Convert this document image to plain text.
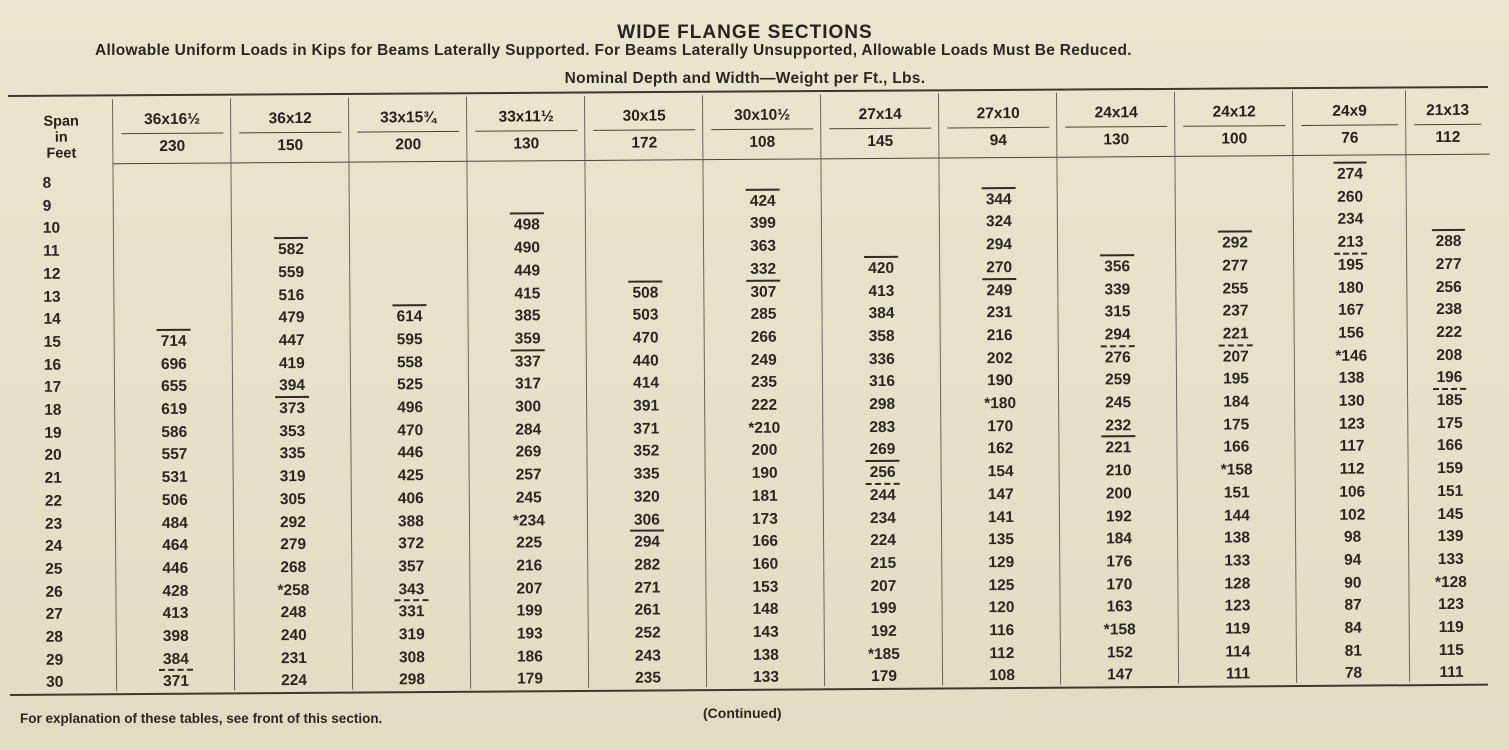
WIDE FLANGE SECTIONS
Allowable Uniform Loads in Kips for Beams Laterally Supported. For Beams Laterally Unsupported, Allowable Loads Must Be Reduced.
Nominal Depth and Width—Weight per Ft., Lbs.
Span
in
Feet
8
9
10
11
12
13
14
15
16
17
18
19
20
21
22
23
24
25
26
27
28
29
30
36x16½
230
714
696
655
619
586
557
531
506
484
464
446
428
413
398
384
371
36x12
150
582
559
516
479
447
419
394
373
353
335
319
305
292
279
268
*258
248
240
231
224
33x15¾
200
614
595
558
525
496
470
446
425
406
388
372
357
343
331
319
308
298
33x11½
130
498
490
449
415
385
359
337
317
300
284
269
257
245
*234
225
216
207
199
193
186
179
30x15
172
508
503
470
440
414
391
371
352
335
320
306
294
282
271
261
252
243
235
30x10½
108
424
399
363
332
307
285
266
249
235
222
*210
200
190
181
173
166
160
153
148
143
138
133
27x14
145
420
413
384
358
336
316
298
283
269
256
244
234
224
215
207
199
192
*185
179
27x10
94
344
324
294
270
249
231
216
202
190
*180
170
162
154
147
141
135
129
125
120
116
112
108
24x14
130
356
339
315
294
276
259
245
232
221
210
200
192
184
176
170
163
*158
152
147
24x12
100
292
277
255
237
221
207
195
184
175
166
*158
151
144
138
133
128
123
119
114
111
24x9
76
274
260
234
213
195
180
167
156
*146
138
130
123
117
112
106
102
98
94
90
87
84
81
78
21x13
112
288
277
256
238
222
208
196
185
175
166
159
151
145
139
133
*128
123
119
115
111
For explanation of these tables, see front of this section.	(Continued)
